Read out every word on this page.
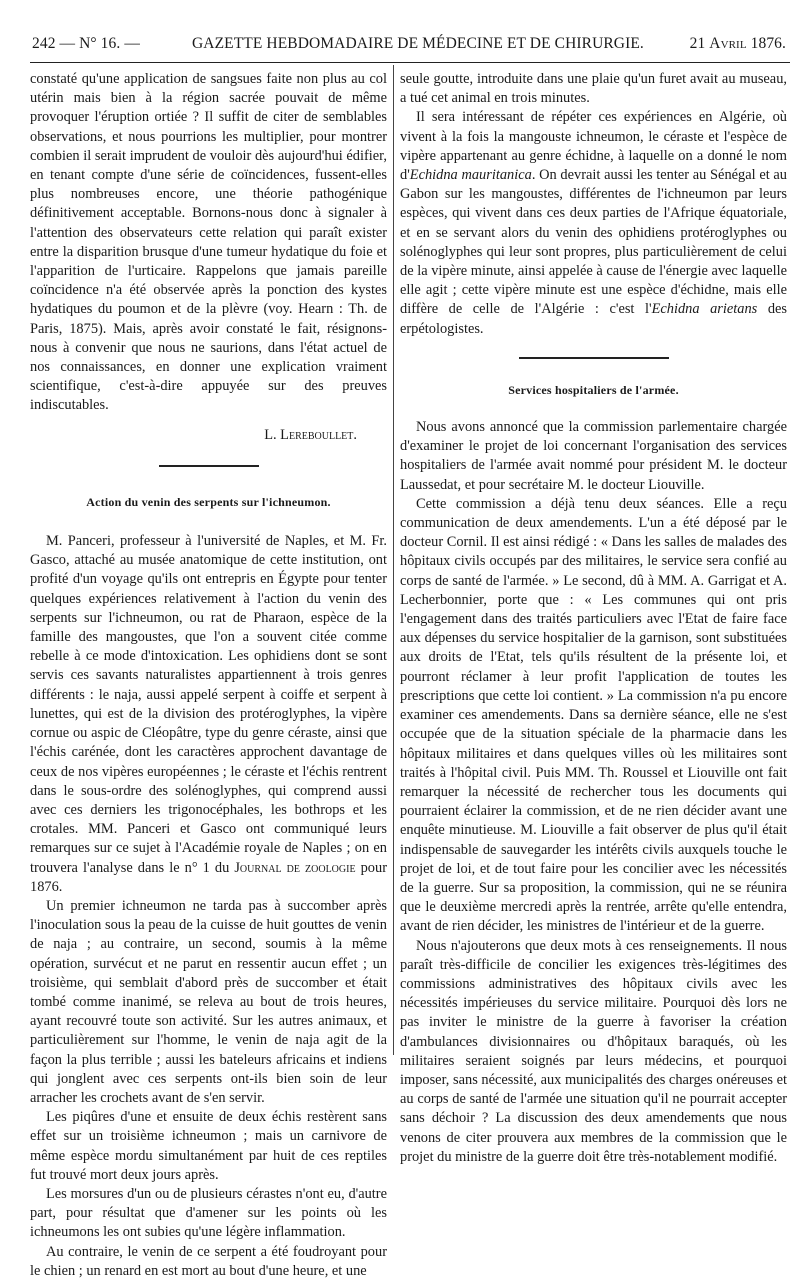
242 — N° 16. —	GAZETTE HEBDOMADAIRE DE MÉDECINE ET DE CHIRURGIE.	21 Avril 1876.

constaté qu'une application de sangsues faite non plus au col utérin mais bien à la région sacrée pouvait de même provoquer l'éruption ortiée ? Il suffit de citer de semblables observations, et nous pourrions les multiplier, pour montrer combien il serait imprudent de vouloir dès aujourd'hui édifier, en tenant compte d'une série de coïncidences, fussent-elles plus nombreuses encore, une théorie pathogénique définitivement acceptable. Bornons-nous donc à signaler à l'attention des observateurs cette relation qui paraît exister entre la disparition brusque d'une tumeur hydatique du foie et l'apparition de l'urticaire. Rappelons que jamais pareille coïncidence n'a été observée après la ponction des kystes hydatiques du poumon et de la plèvre (voy. Hearn : Th. de Paris, 1875). Mais, après avoir constaté le fait, résignons-nous à convenir que nous ne saurions, dans l'état actuel de nos connaissances, en donner une explication vraiment scientifique, c'est-à-dire appuyée sur des preuves indiscutables.

L. Lereboullet.

Action du venin des serpents sur l'ichneumon.

M. Panceri, professeur à l'université de Naples, et M. Fr. Gasco, attaché au musée anatomique de cette institution, ont profité d'un voyage qu'ils ont entrepris en Égypte pour tenter quelques expériences relativement à l'action du venin des serpents sur l'ichneumon, ou rat de Pharaon, espèce de la famille des mangoustes, que l'on a souvent citée comme rebelle à ce mode d'intoxication. Les ophidiens dont se sont servis ces savants naturalistes appartiennent à trois genres différents : le naja, aussi appelé serpent à coiffe et serpent à lunettes, qui est de la division des protéroglyphes, la vipère cornue ou aspic de Cléopâtre, type du genre céraste, ainsi que l'échis carénée, dont les caractères approchent davantage de ceux de nos vipères européennes ; le céraste et l'échis rentrent dans le sous-ordre des solénoglyphes, qui comprend aussi avec ces derniers les trigonocéphales, les bothrops et les crotales. MM. Panceri et Gasco ont communiqué leurs remarques sur ce sujet à l'Académie royale de Naples ; on en trouvera l'analyse dans le n° 1 du Journal de zoologie pour 1876.

Un premier ichneumon ne tarda pas à succomber après l'inoculation sous la peau de la cuisse de huit gouttes de venin de naja ; au contraire, un second, soumis à la même opération, survécut et ne parut en ressentir aucun effet ; un troisième, qui semblait d'abord près de succomber et était tombé comme inanimé, se releva au bout de trois heures, ayant recouvré toute son activité. Sur les autres animaux, et particulièrement sur l'homme, le venin de naja agit de la façon la plus terrible ; aussi les bateleurs africains et indiens qui jonglent avec ces serpents ont-ils bien soin de leur arracher les crochets avant de s'en servir.

Les piqûres d'une et ensuite de deux échis restèrent sans effet sur un troisième ichneumon ; mais un carnivore de même espèce mordu simultanément par huit de ces reptiles fut trouvé mort deux jours après.

Les morsures d'un ou de plusieurs cérastes n'ont eu, d'autre part, pour résultat que d'amener sur les points où les ichneumons les ont subies qu'une légère inflammation.

Au contraire, le venin de ce serpent a été foudroyant pour le chien ; un renard en est mort au bout d'une heure, et une

seule goutte, introduite dans une plaie qu'un furet avait au museau, a tué cet animal en trois minutes.

Il sera intéressant de répéter ces expériences en Algérie, où vivent à la fois la mangouste ichneumon, le céraste et l'espèce de vipère appartenant au genre échidne, à laquelle on a donné le nom d'Echidna mauritanica. On devrait aussi les tenter au Sénégal et au Gabon sur les mangoustes, différentes de l'ichneumon par leurs espèces, qui vivent dans ces deux parties de l'Afrique équatoriale, et en se servant alors du venin des ophidiens protéroglyphes ou solénoglyphes qui leur sont propres, plus particulièrement de celui de la vipère minute, ainsi appelée à cause de l'énergie avec laquelle elle agit ; cette vipère minute est une espèce d'échidne, mais elle diffère de celle de l'Algérie : c'est l'Echidna arietans des erpétologistes.

Services hospitaliers de l'armée.

Nous avons annoncé que la commission parlementaire chargée d'examiner le projet de loi concernant l'organisation des services hospitaliers de l'armée avait nommé pour président M. le docteur Laussedat, et pour secrétaire M. le docteur Liouville.

Cette commission a déjà tenu deux séances. Elle a reçu communication de deux amendements. L'un a été déposé par le docteur Cornil. Il est ainsi rédigé : « Dans les salles de malades des hôpitaux civils occupés par des militaires, le service sera confié au corps de santé de l'armée. » Le second, dû à MM. A. Garrigat et A. Lecherbonnier, porte que : « Les communes qui ont pris l'engagement dans des traités particuliers avec l'Etat de faire face aux dépenses du service hospitalier de la garnison, sont substituées aux droits de l'Etat, tels qu'ils résultent de la présente loi, et pourront réclamer à leur profit l'application de toutes les prescriptions que cette loi contient. » La commission n'a pu encore examiner ces amendements. Dans sa dernière séance, elle ne s'est occupée que de la situation spéciale de la pharmacie dans les hôpitaux militaires et dans quelques villes où les militaires sont traités à l'hôpital civil. Puis MM. Th. Roussel et Liouville ont fait remarquer la nécessité de rechercher tous les documents qui pourraient éclairer la commission, et de ne rien décider avant une enquête minutieuse. M. Liouville a fait observer de plus qu'il était indispensable de sauvegarder les intérêts civils auxquels touche le projet de loi, et de tout faire pour les concilier avec les nécessités de la guerre. Sur sa proposition, la commission, qui ne se réunira que le deuxième mercredi après la rentrée, arrête qu'elle entendra, avant de rien décider, les ministres de l'intérieur et de la guerre.

Nous n'ajouterons que deux mots à ces renseignements. Il nous paraît très-difficile de concilier les exigences très-légitimes des commissions administratives des hôpitaux civils avec les nécessités impérieuses du service militaire. Pourquoi dès lors ne pas inviter le ministre de la guerre à favoriser la création d'ambulances divisionnaires ou d'hôpitaux baraqués, où les militaires seraient soignés par leurs médecins, et pourquoi imposer, sans nécessité, aux municipalités des charges onéreuses et au corps de santé de l'armée une situation qu'il ne pourrait accepter sans déchoir ? La discussion des deux amendements que nous venons de citer prouvera aux membres de la commission que le projet du ministre de la guerre doit être très-notablement modifié.
